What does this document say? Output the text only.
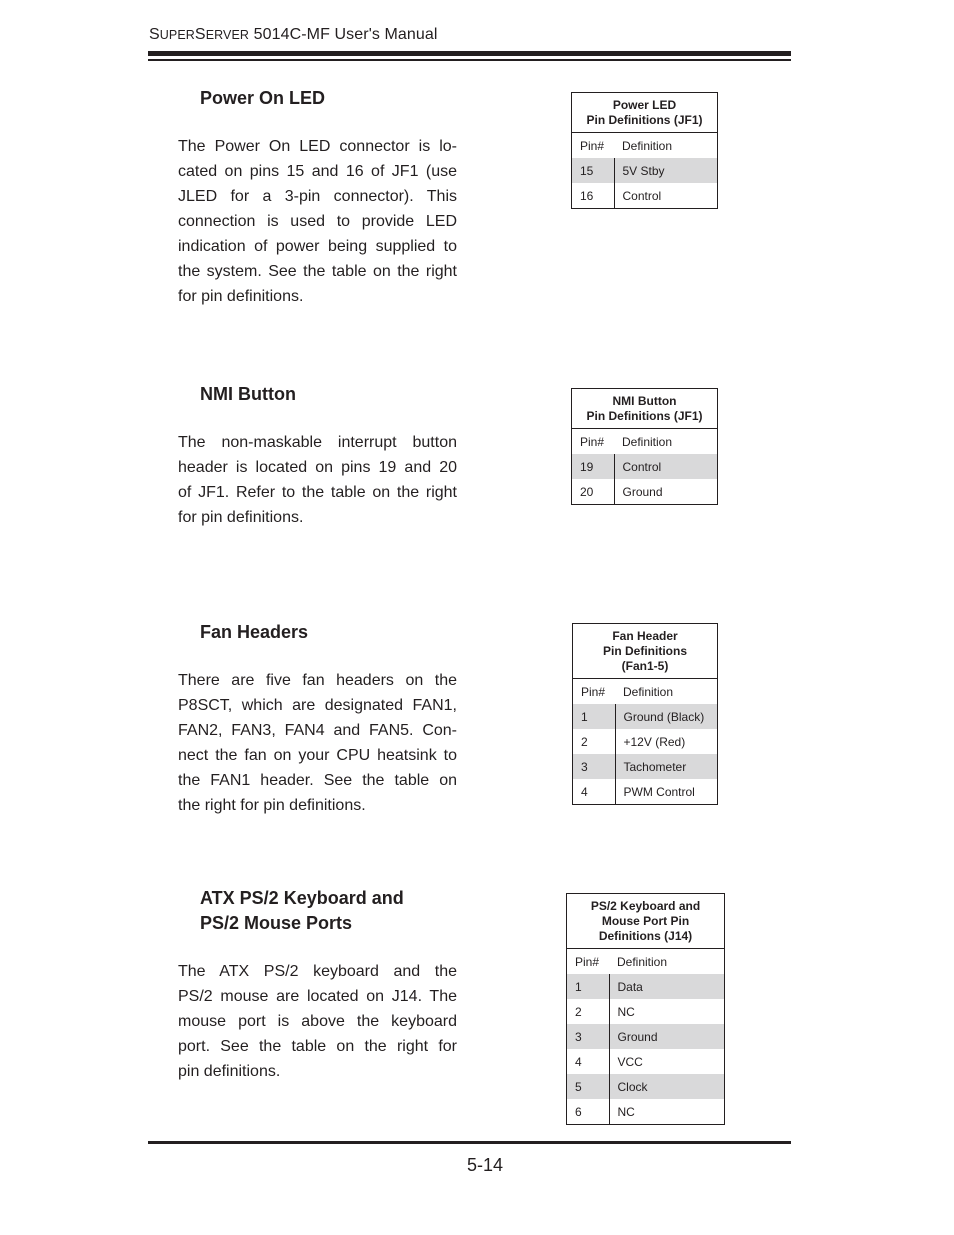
SUPERSERVER 5014C-MF User's Manual
Power On LED
The Power On LED connector is lo-
cated on pins 15 and 16 of JF1 (use
JLED for a 3-pin connector). This
connection is used to provide LED
indication of power being supplied to
the system. See the table on the right
for pin definitions.
Power LED
Pin Definitions (JF1)	

Pin#	Definition
15	5V Stby
16	Control
NMI Button
The non-maskable interrupt button
header is located on pins 19 and 20
of JF1. Refer to the table on the right
for pin definitions.
NMI Button
Pin Definitions (JF1)	

Pin#	Definition
19	Control
20	Ground
Fan Headers
There are five fan headers on the
P8SCT, which are designated FAN1,
FAN2, FAN3, FAN4 and FAN5. Con-
nect the fan on your CPU heatsink to
the FAN1 header. See the table on
the right for pin definitions.
Fan Header
Pin Definitions
(Fan1-5)	

Pin#	Definition
1	Ground (Black)
2	+12V (Red)
3	Tachometer
4	PWM Control
ATX PS/2 Keyboard and
PS/2 Mouse Ports
The ATX PS/2 keyboard and the
PS/2 mouse are located on J14. The
mouse port is above the keyboard
port. See the table on the right for
pin definitions.
PS/2 Keyboard and
Mouse Port Pin
Definitions (J14)	

Pin#	Definition
1	Data
2	NC
3	Ground
4	VCC
5	Clock
6	NC
5-14
